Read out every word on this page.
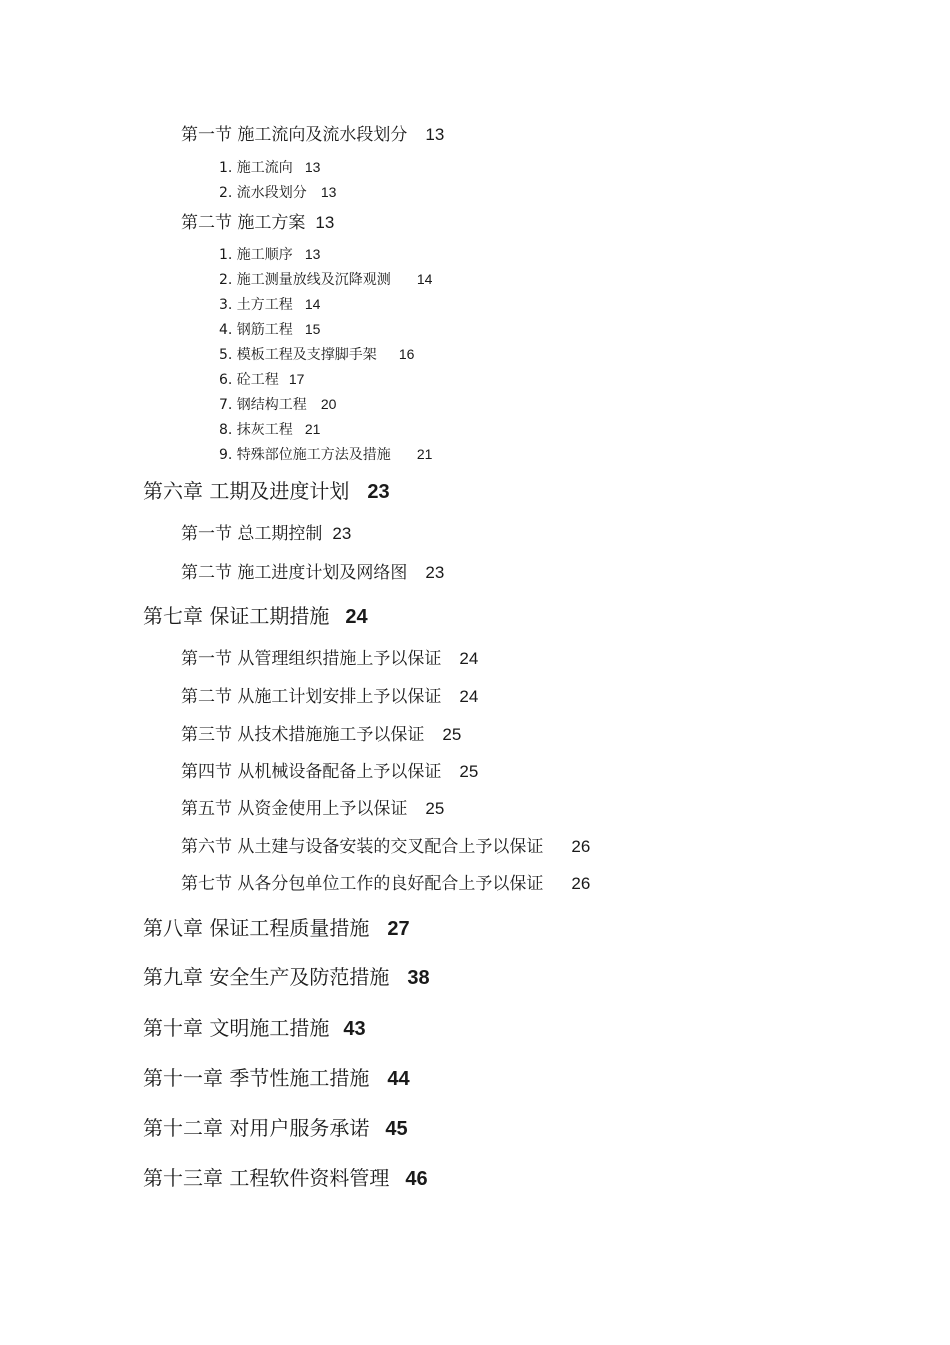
第一节 施工流向及流水段划分 13
1. 施工流向 13
2. 流水段划分 13
第二节 施工方案 13
1. 施工顺序 13
2. 施工测量放线及沉降观测 14
3. 土方工程 14
4. 钢筋工程 15
5. 模板工程及支撑脚手架 16
6. 砼工程 17
7. 钢结构工程 20
8. 抹灰工程 21
9. 特殊部位施工方法及措施 21
第六章 工期及进度计划 23
第一节 总工期控制 23
第二节 施工进度计划及网络图 23
第七章 保证工期措施 24
第一节 从管理组织措施上予以保证 24
第二节 从施工计划安排上予以保证 24
第三节 从技术措施施工予以保证 25
第四节 从机械设备配备上予以保证 25
第五节 从资金使用上予以保证 25
第六节 从土建与设备安装的交叉配合上予以保证 26
第七节 从各分包单位工作的良好配合上予以保证 26
第八章 保证工程质量措施 27
第九章 安全生产及防范措施 38
第十章 文明施工措施 43
第十一章 季节性施工措施 44
第十二章 对用户服务承诺 45
第十三章 工程软件资料管理 46
